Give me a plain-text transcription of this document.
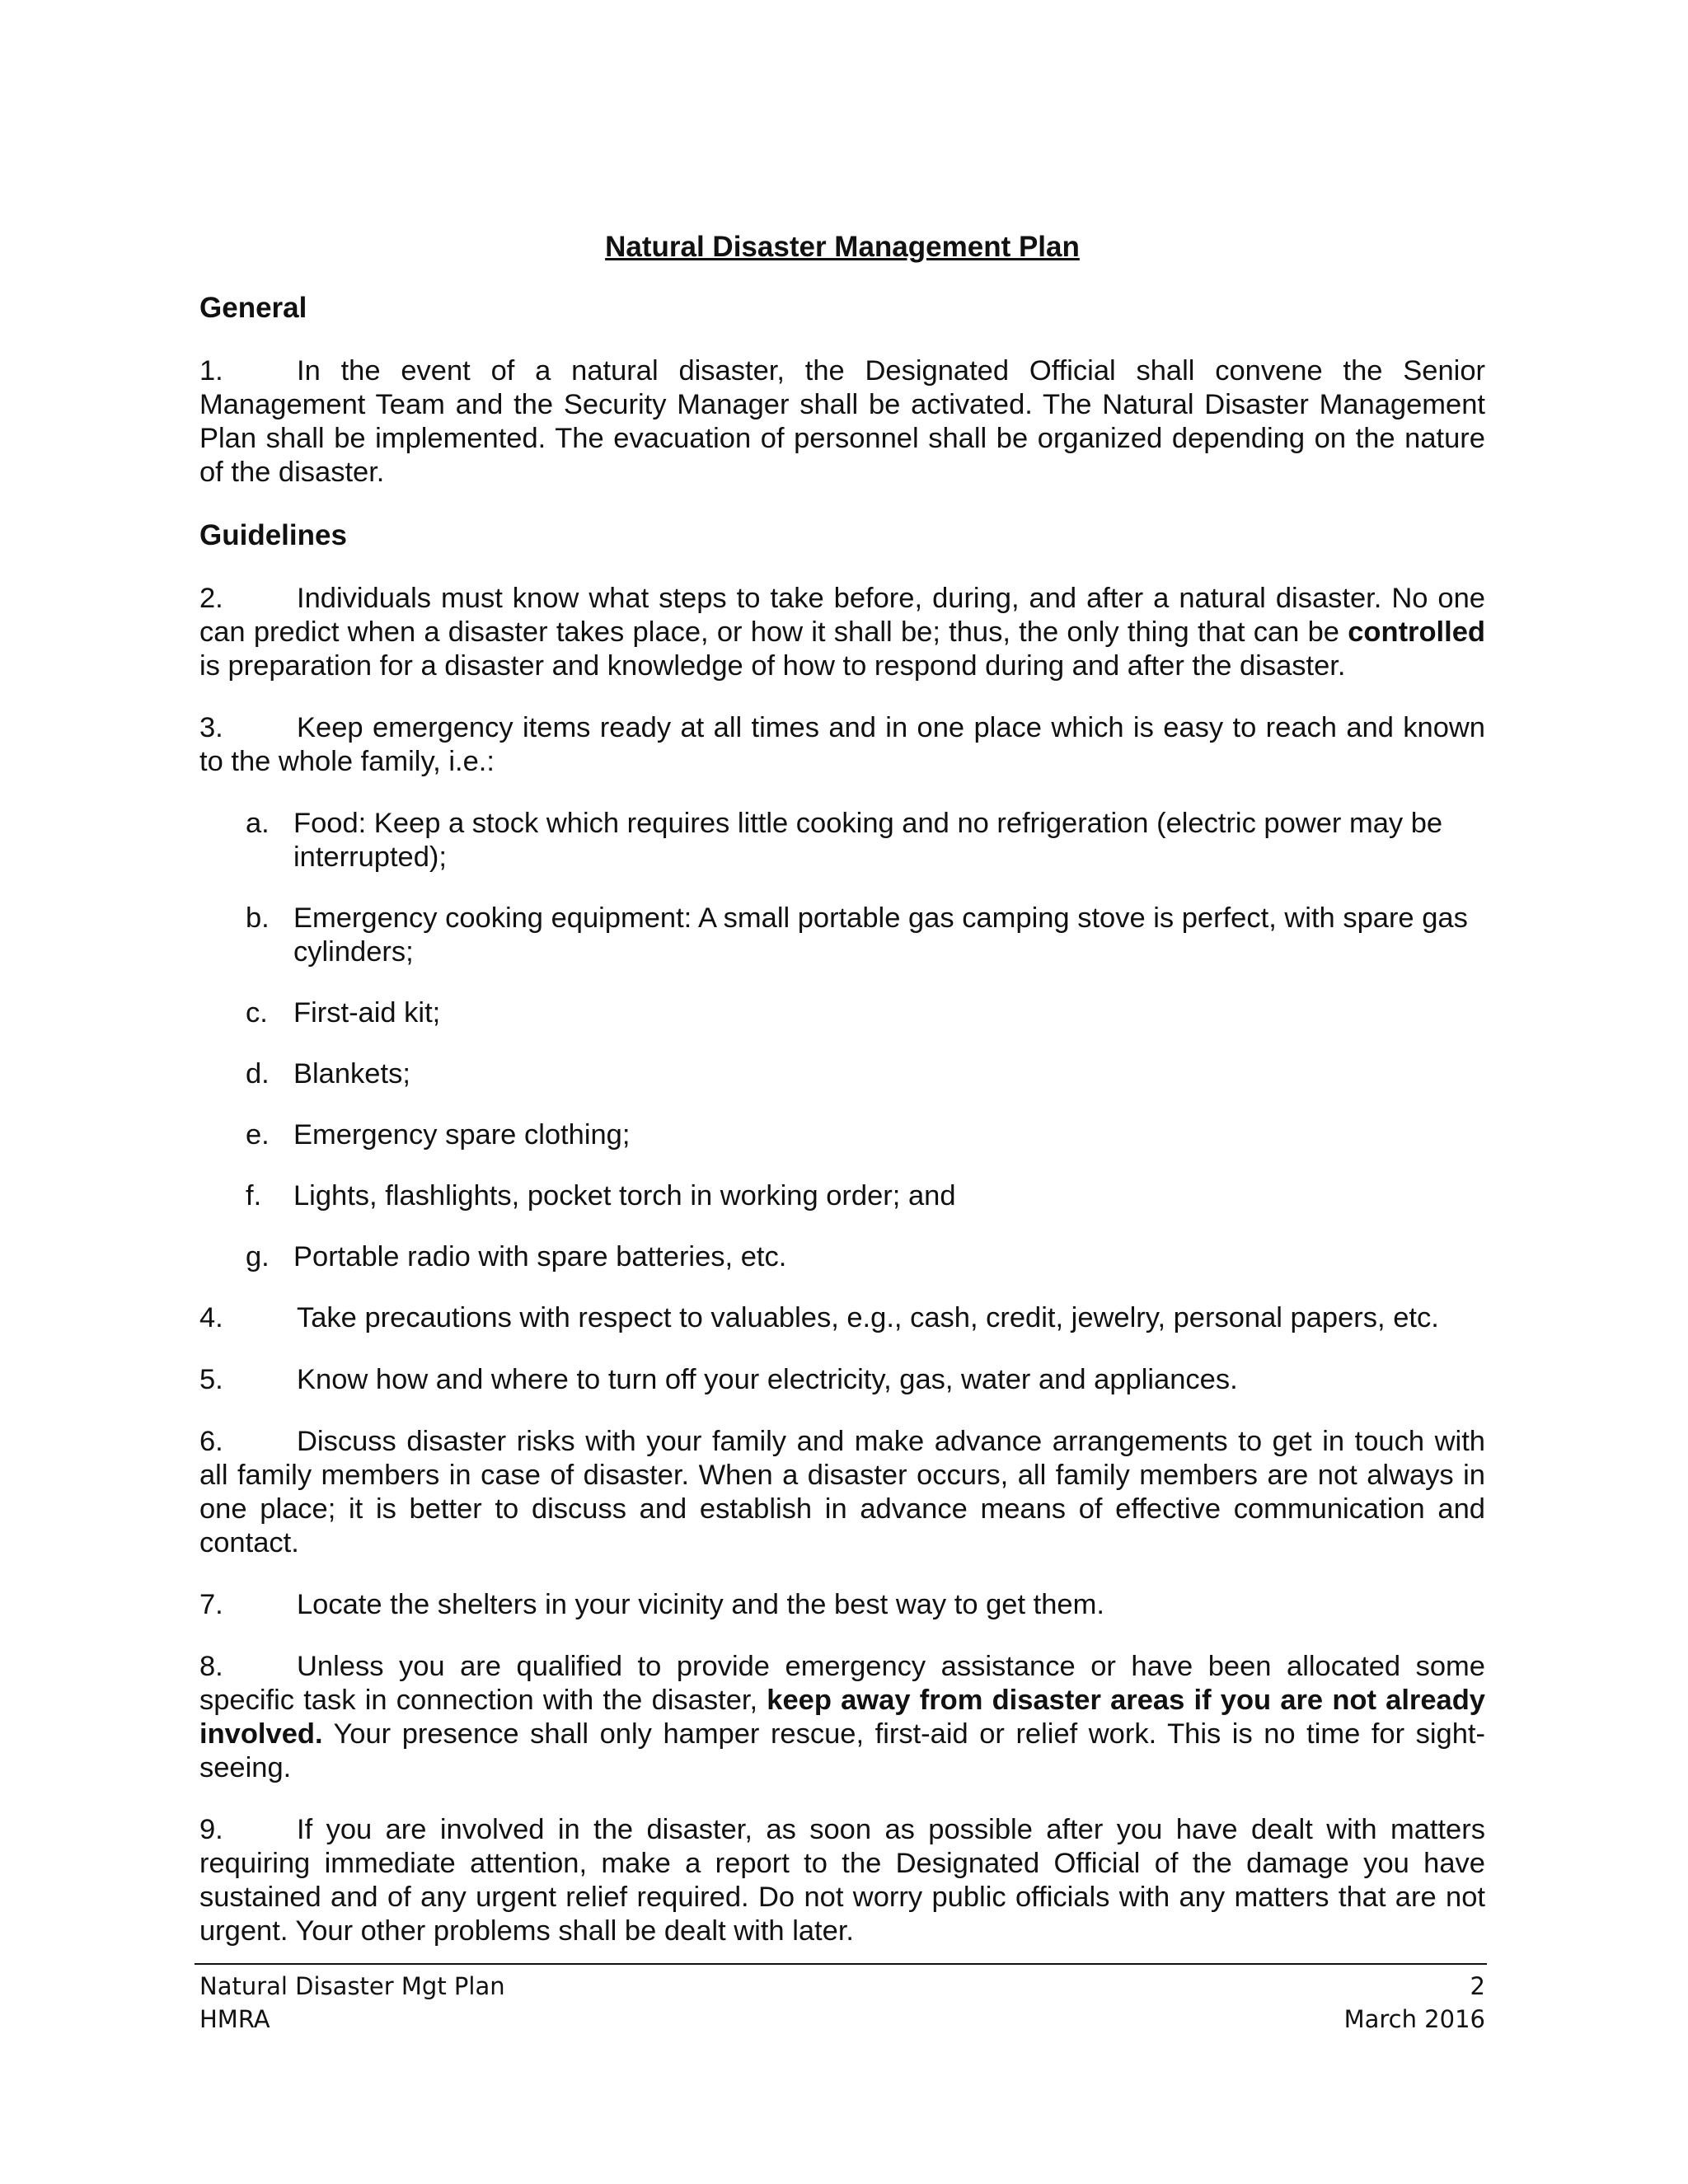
Natural Disaster Management Plan
General
1.	In the event of a natural disaster, the Designated Official shall convene the Senior Management Team and the Security Manager shall be activated. The Natural Disaster Management Plan shall be implemented. The evacuation of personnel shall be organized depending on the nature of the disaster.
Guidelines
2.	Individuals must know what steps to take before, during, and after a natural disaster. No one can predict when a disaster takes place, or how it shall be; thus, the only thing that can be controlled is preparation for a disaster and knowledge of how to respond during and after the disaster.
3.	Keep emergency items ready at all times and in one place which is easy to reach and known to the whole family, i.e.:
a. Food: Keep a stock which requires little cooking and no refrigeration (electric power may be interrupted);
b. Emergency cooking equipment: A small portable gas camping stove is perfect, with spare gas cylinders;
c. First-aid kit;
d. Blankets;
e. Emergency spare clothing;
f. Lights, flashlights, pocket torch in working order; and
g. Portable radio with spare batteries, etc.
4.	Take precautions with respect to valuables, e.g., cash, credit, jewelry, personal papers, etc.
5.	Know how and where to turn off your electricity, gas, water and appliances.
6.	Discuss disaster risks with your family and make advance arrangements to get in touch with all family members in case of disaster. When a disaster occurs, all family members are not always in one place; it is better to discuss and establish in advance means of effective communication and contact.
7.	Locate the shelters in your vicinity and the best way to get them.
8.	Unless you are qualified to provide emergency assistance or have been allocated some specific task in connection with the disaster, keep away from disaster areas if you are not already involved. Your presence shall only hamper rescue, first-aid or relief work. This is no time for sight-seeing.
9.	If you are involved in the disaster, as soon as possible after you have dealt with matters requiring immediate attention, make a report to the Designated Official of the damage you have sustained and of any urgent relief required. Do not worry public officials with any matters that are not urgent. Your other problems shall be dealt with later.
Natural Disaster Mgt Plan	2
HMRA	March 2016
